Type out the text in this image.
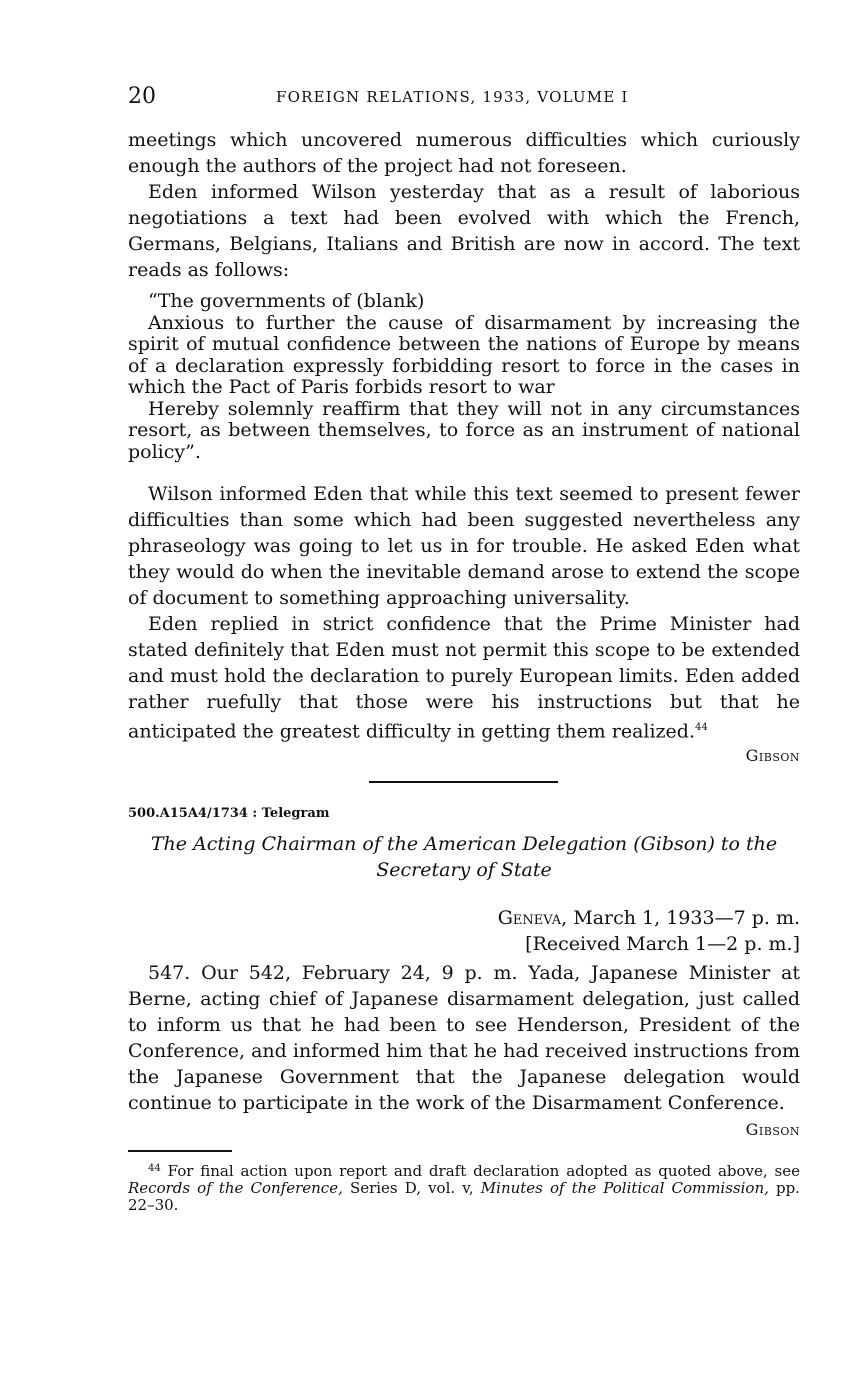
20	FOREIGN RELATIONS, 1933, VOLUME I

meetings which uncovered numerous difficulties which curiously enough the authors of the project had not foreseen.

Eden informed Wilson yesterday that as a result of laborious negotiations a text had been evolved with which the French, Germans, Belgians, Italians and British are now in accord. The text reads as follows:

“The governments of (blank)

Anxious to further the cause of disarmament by increasing the spirit of mutual confidence between the nations of Europe by means of a declaration expressly forbidding resort to force in the cases in which the Pact of Paris forbids resort to war

Hereby solemnly reaffirm that they will not in any circumstances resort, as between themselves, to force as an instrument of national policy”.

Wilson informed Eden that while this text seemed to present fewer difficulties than some which had been suggested nevertheless any phraseology was going to let us in for trouble. He asked Eden what they would do when the inevitable demand arose to extend the scope of document to something approaching universality.

Eden replied in strict confidence that the Prime Minister had stated definitely that Eden must not permit this scope to be extended and must hold the declaration to purely European limits. Eden added rather ruefully that those were his instructions but that he anticipated the greatest difficulty in getting them realized.$^{44}$

Gibson
500.A15A4/1734 : Telegram
The Acting Chairman of the American Delegation (Gibson) to the
Secretary of State
Geneva, March 1, 1933—7 p. m.
[Received March 1—2 p. m.]

547. Our 542, February 24, 9 p. m. Yada, Japanese Minister at Berne, acting chief of Japanese disarmament delegation, just called to inform us that he had been to see Henderson, President of the Conference, and informed him that he had received instructions from the Japanese Government that the Japanese delegation would continue to participate in the work of the Disarmament Conference.

Gibson
$^{44}$ For final action upon report and draft declaration adopted as quoted above, see Records of the Conference, Series D, vol. v, Minutes of the Political Commission, pp. 22–30.
